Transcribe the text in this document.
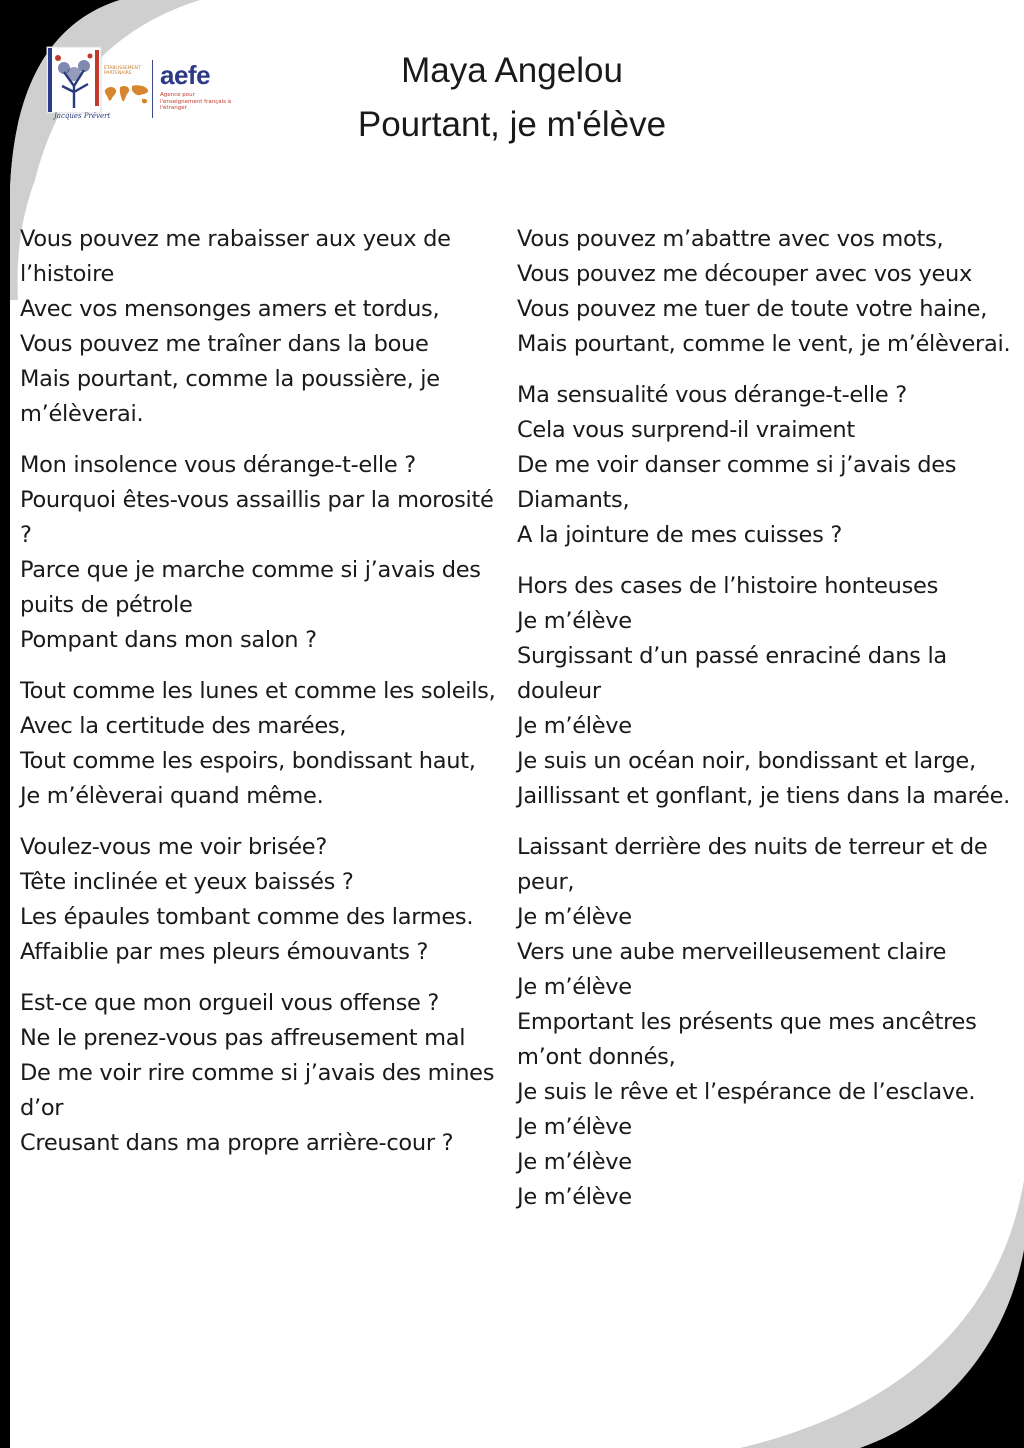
Jacques Prévert
ÉTABLISSEMENT PARTENAIRE	aefe
Agence pour l'enseignement français à l'étranger
Maya Angelou
Pourtant, je m'élève
Vous pouvez me rabaisser aux yeux de l’histoire
Avec vos mensonges amers et tordus,
Vous pouvez me traîner dans la boue
Mais pourtant, comme la poussière, je m’élèverai.
Mon insolence vous dérange-t-elle ?
Pourquoi êtes-vous assaillis par la morosité ?
Parce que je marche comme si j’avais des puits de pétrole
Pompant dans mon salon ?
Tout comme les lunes et comme les soleils,
Avec la certitude des marées,
Tout comme les espoirs, bondissant haut,
Je m’élèverai quand même.
Voulez-vous me voir brisée?
Tête inclinée et yeux baissés ?
Les épaules tombant comme des larmes.
Affaiblie par mes pleurs émouvants ?
Est-ce que mon orgueil vous offense ?
Ne le prenez-vous pas affreusement mal
De me voir rire comme si j’avais des mines d’or
Creusant dans ma propre arrière-cour ?
Vous pouvez m’abattre avec vos mots,
Vous pouvez me découper avec vos yeux
Vous pouvez me tuer de toute votre haine,
Mais pourtant, comme le vent, je m’élèverai.
Ma sensualité vous dérange-t-elle ?
Cela vous surprend-il vraiment
De me voir danser comme si j’avais des Diamants,
A la jointure de mes cuisses ?
Hors des cases de l’histoire honteuses
Je m’élève
Surgissant d’un passé enraciné dans la douleur
Je m’élève
Je suis un océan noir, bondissant et large,
Jaillissant et gonflant, je tiens dans la marée.
Laissant derrière des nuits de terreur et de peur,
Je m’élève
Vers une aube merveilleusement claire
Je m’élève
Emportant les présents que mes ancêtres m’ont donnés,
Je suis le rêve et l’espérance de l’esclave.
Je m’élève
Je m’élève
Je m’élève
